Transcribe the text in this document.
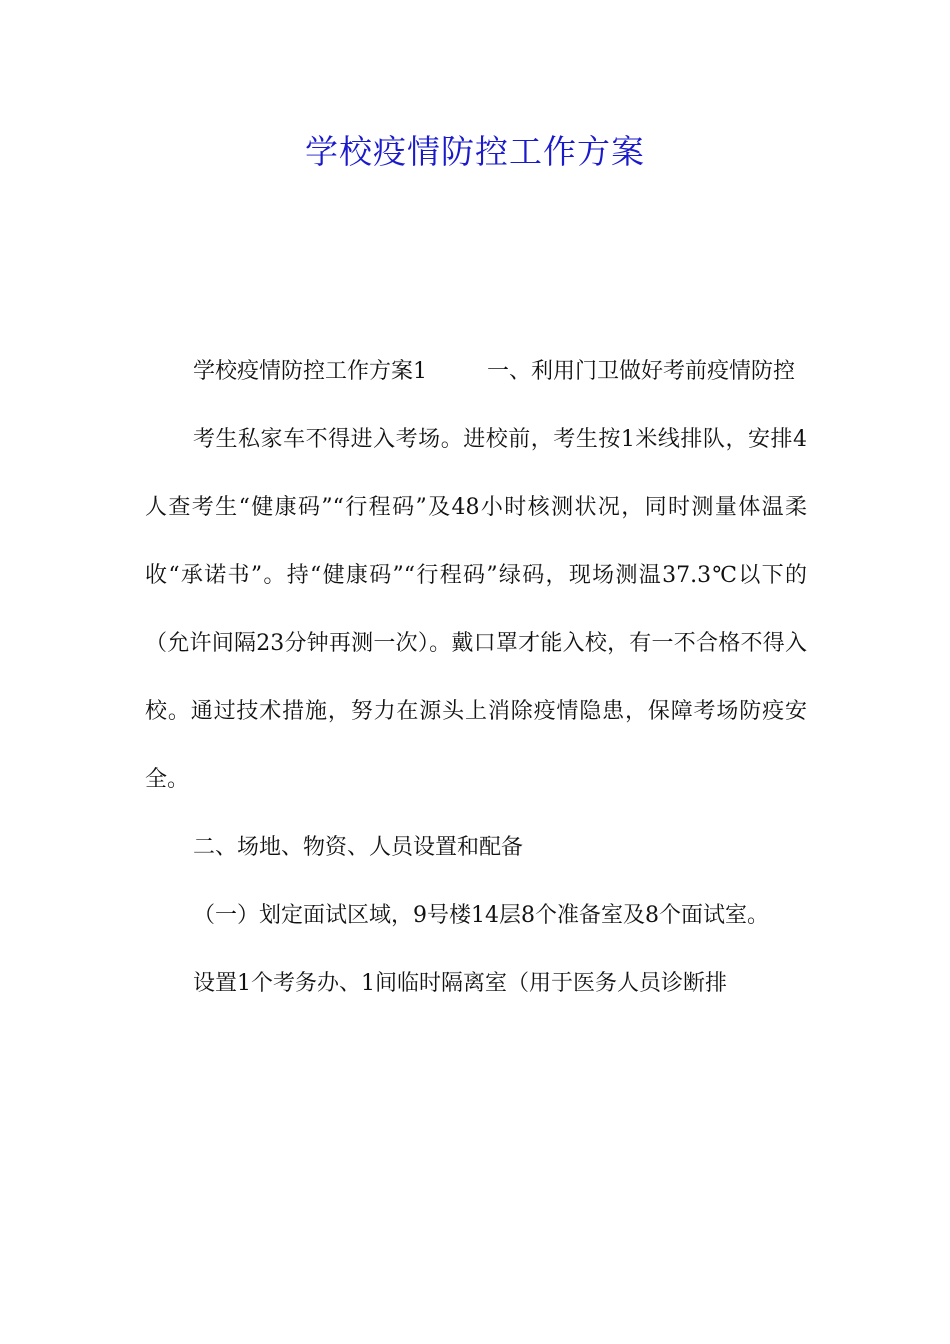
学校疫情防控工作方案

学校疫情防控工作方案1	一、利用门卫做好考前疫情防控

考生私家车不得进入考场。进校前，考生按1米线排队，安排4人查考生“健康码”“行程码”及48小时核测状况，同时测量体温柔收“承诺书”。持“健康码”“行程码”绿码，现场测温37.3℃以下的（允许间隔23分钟再测一次）。戴口罩才能入校，有一不合格不得入校。通过技术措施，努力在源头上消除疫情隐患，保障考场防疫安全。

二、场地、物资、人员设置和配备

（一）划定面试区域，9号楼14层8个准备室及8个面试室。

设置1个考务办、1间临时隔离室（用于医务人员诊断排
